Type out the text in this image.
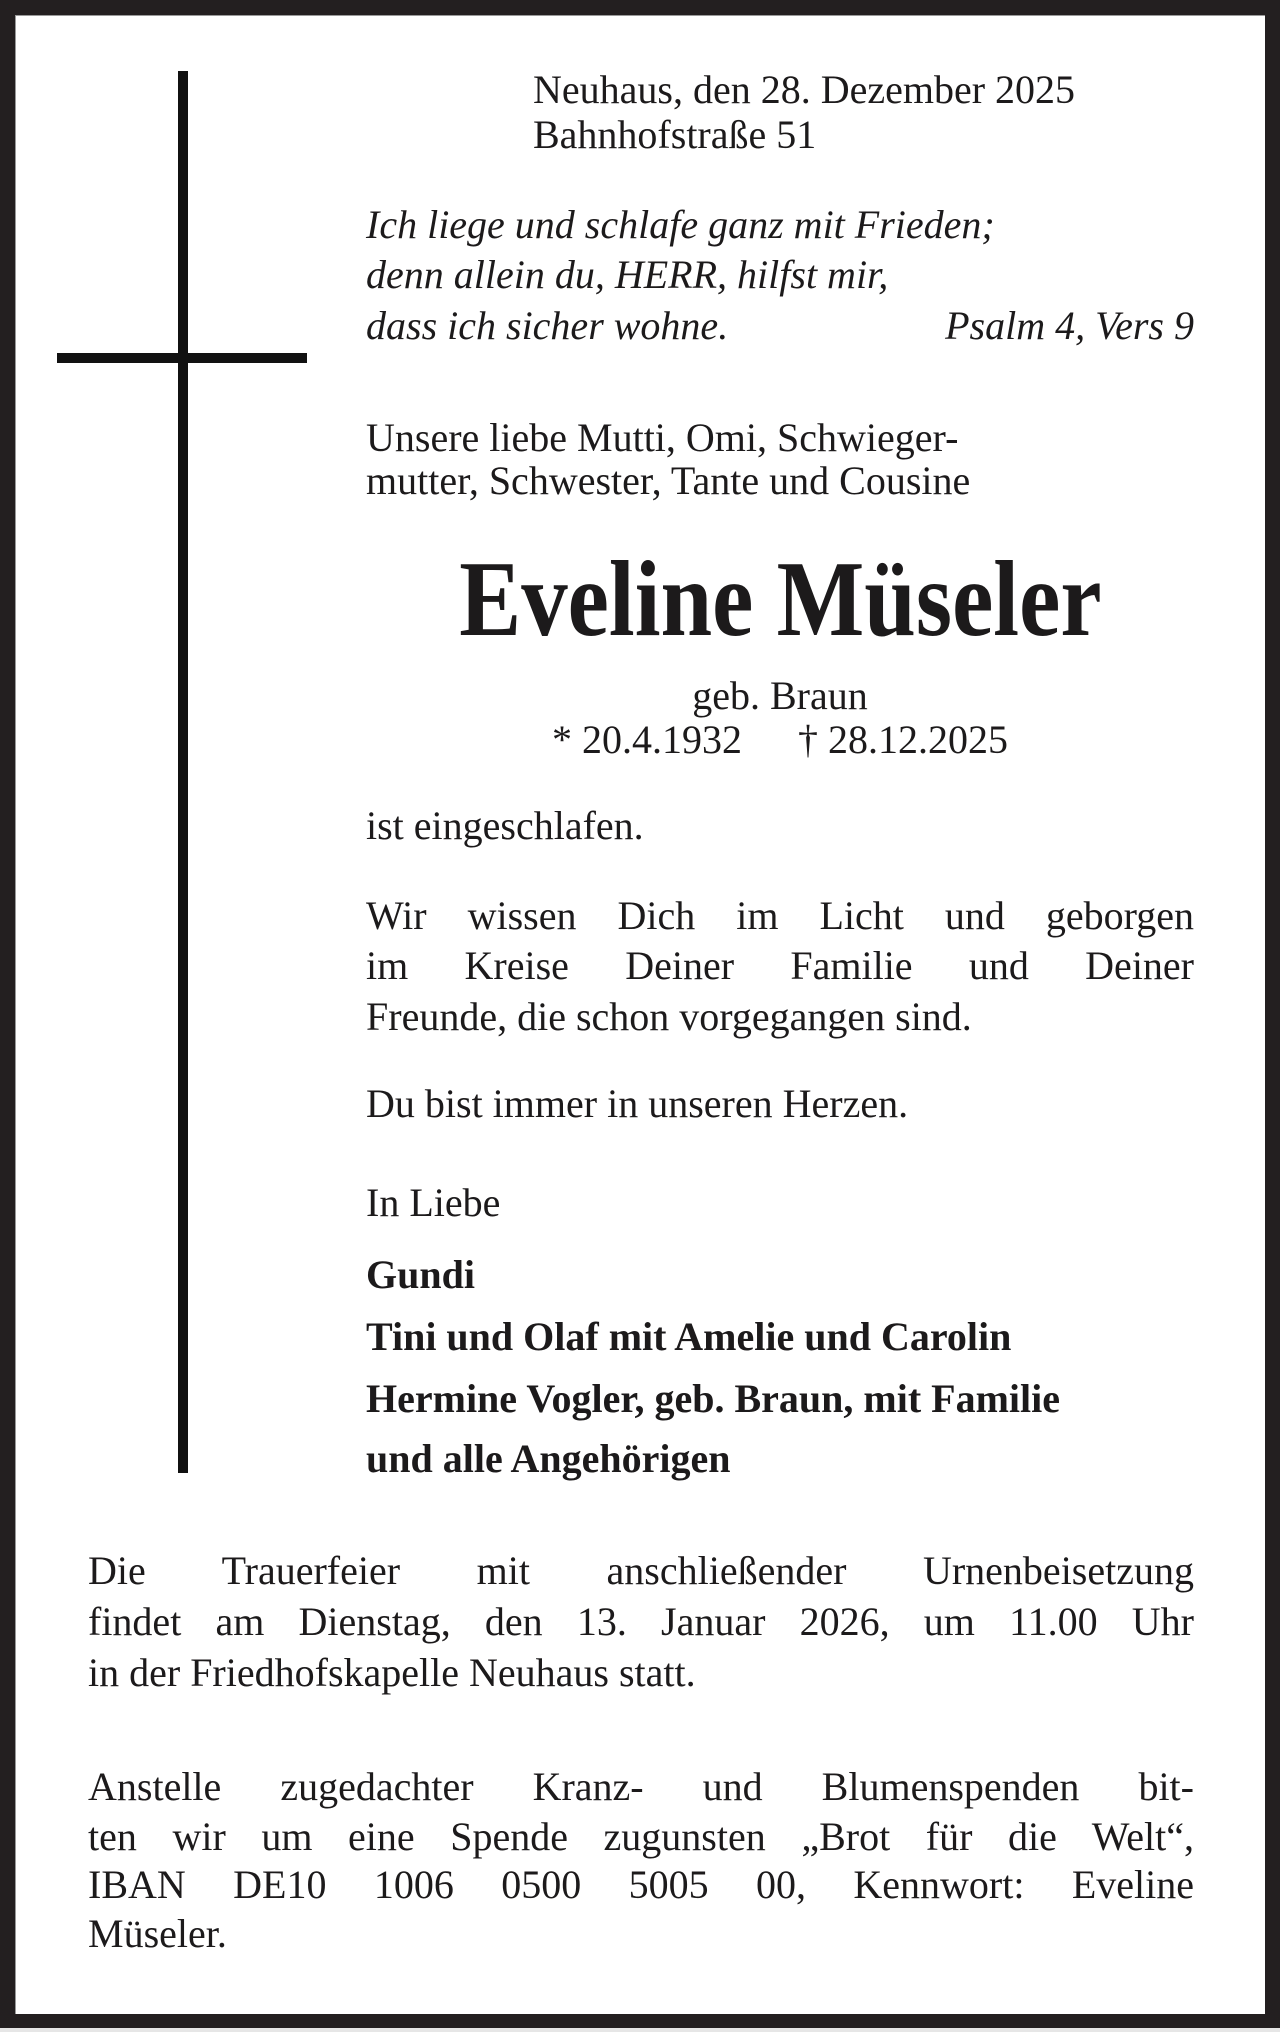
Neuhaus, den 28. Dezember 2025
Bahnhofstraße 51
Ich liege und schlafe ganz mit Frieden;
denn allein du, HERR, hilfst mir,
dass ich sicher wohne.	Psalm 4, Vers 9
Unsere liebe Mutti, Omi, Schwieger-
mutter, Schwester, Tante und Cousine
Eveline Müseler
geb. Braun
* 20.4.1932 † 28.12.2025
ist eingeschlafen.
Wir wissen Dich im Licht und geborgen
im Kreise Deiner Familie und Deiner
Freunde, die schon vorgegangen sind.
Du bist immer in unseren Herzen.
In Liebe
Gundi
Tini und Olaf mit Amelie und Carolin
Hermine Vogler, geb. Braun, mit Familie
und alle Angehörigen
Die Trauerfeier mit anschließender Urnenbeisetzung
findet am Dienstag, den 13. Januar 2026, um 11.00 Uhr
in der Friedhofskapelle Neuhaus statt.
Anstelle zugedachter Kranz- und Blumenspenden bit-
ten wir um eine Spende zugunsten „Brot für die Welt“,
IBAN DE10 1006 0500 5005 00, Kennwort: Eveline
Müseler.
